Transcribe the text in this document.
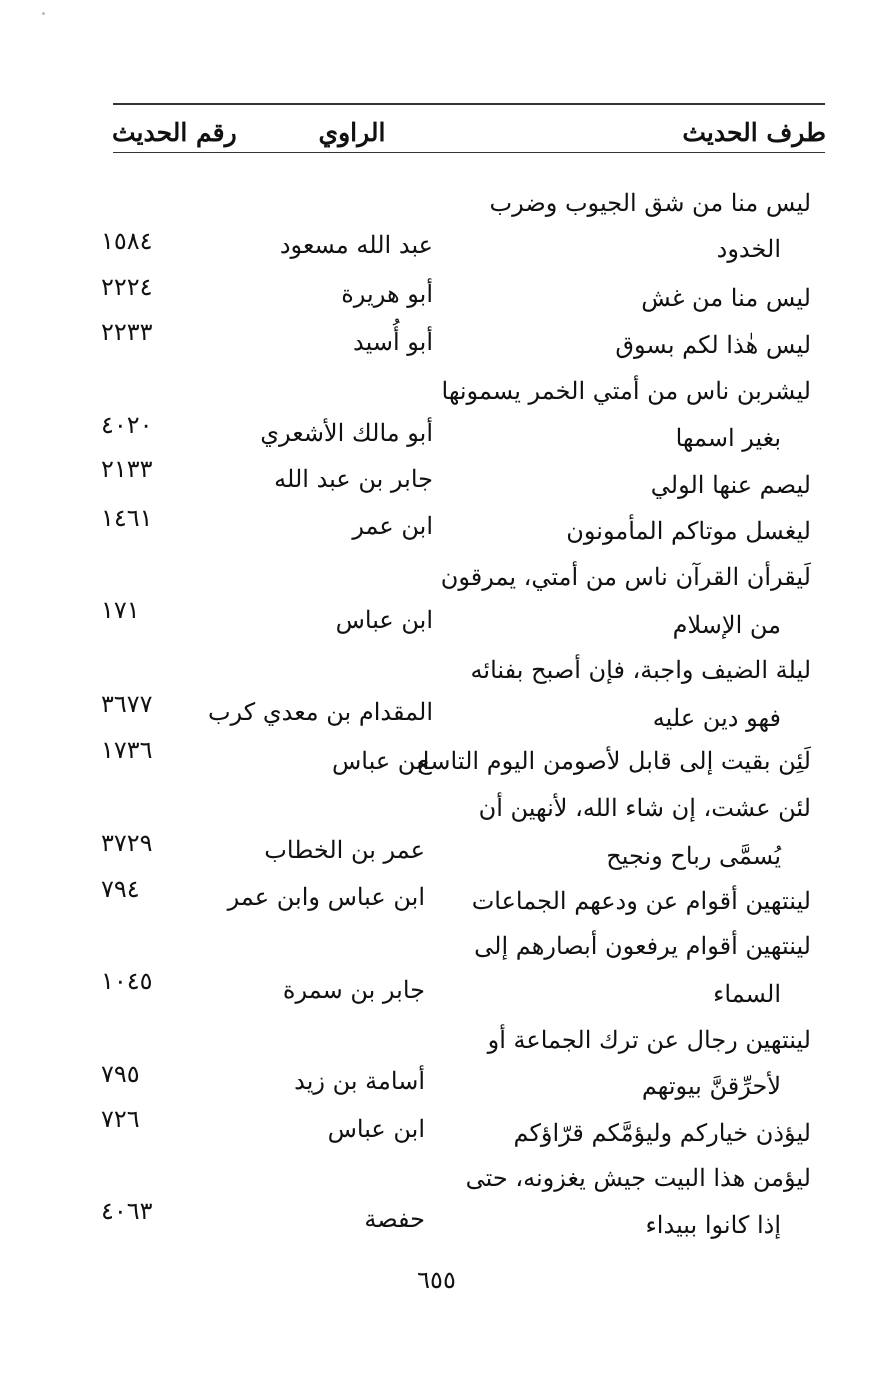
طرف الحديث
الراوي
رقم الحديث
ليس منا من شق الجيوب وضرب
الخدود
عبد الله مسعود
١٥٨٤
ليس منا من غش
أبو هريرة
٢٢٢٤
ليس هٰذا لكم بسوق
أبو أُسيد
٢٢٣٣
ليشربن ناس من أمتي الخمر يسمونها
بغير اسمها
أبو مالك الأشعري
٤٠٢٠
ليصم عنها الولي
جابر بن عبد الله
٢١٣٣
ليغسل موتاكم المأمونون
ابن عمر
١٤٦١
لَيقرأن القرآن ناس من أمتي، يمرقون
من الإسلام
ابن عباس
١٧١
ليلة الضيف واجبة، فإن أصبح بفنائه
فهو دين عليه
المقدام بن معدي كرب
٣٦٧٧
لَئِن بقيت إلى قابل لأصومن اليوم التاسع
ابن عباس
١٧٣٦
لئن عشت، إن شاء الله، لأنهين أن
يُسمَّى رباح ونجيح
عمر بن الخطاب
٣٧٢٩
لينتهين أقوام عن ودعهم الجماعات
ابن عباس وابن عمر
٧٩٤
لينتهين أقوام يرفعون أبصارهم إلى
السماء
جابر بن سمرة
١٠٤٥
لينتهين رجال عن ترك الجماعة أو
لأحرِّقنَّ بيوتهم
أسامة بن زيد
٧٩٥
ليؤذن خياركم وليؤمَّكم قرّاؤكم
ابن عباس
٧٢٦
ليؤمن هذا البيت جيش يغزونه، حتى
إذا كانوا ببيداء
حفصة
٤٠٦٣
٦٥٥
